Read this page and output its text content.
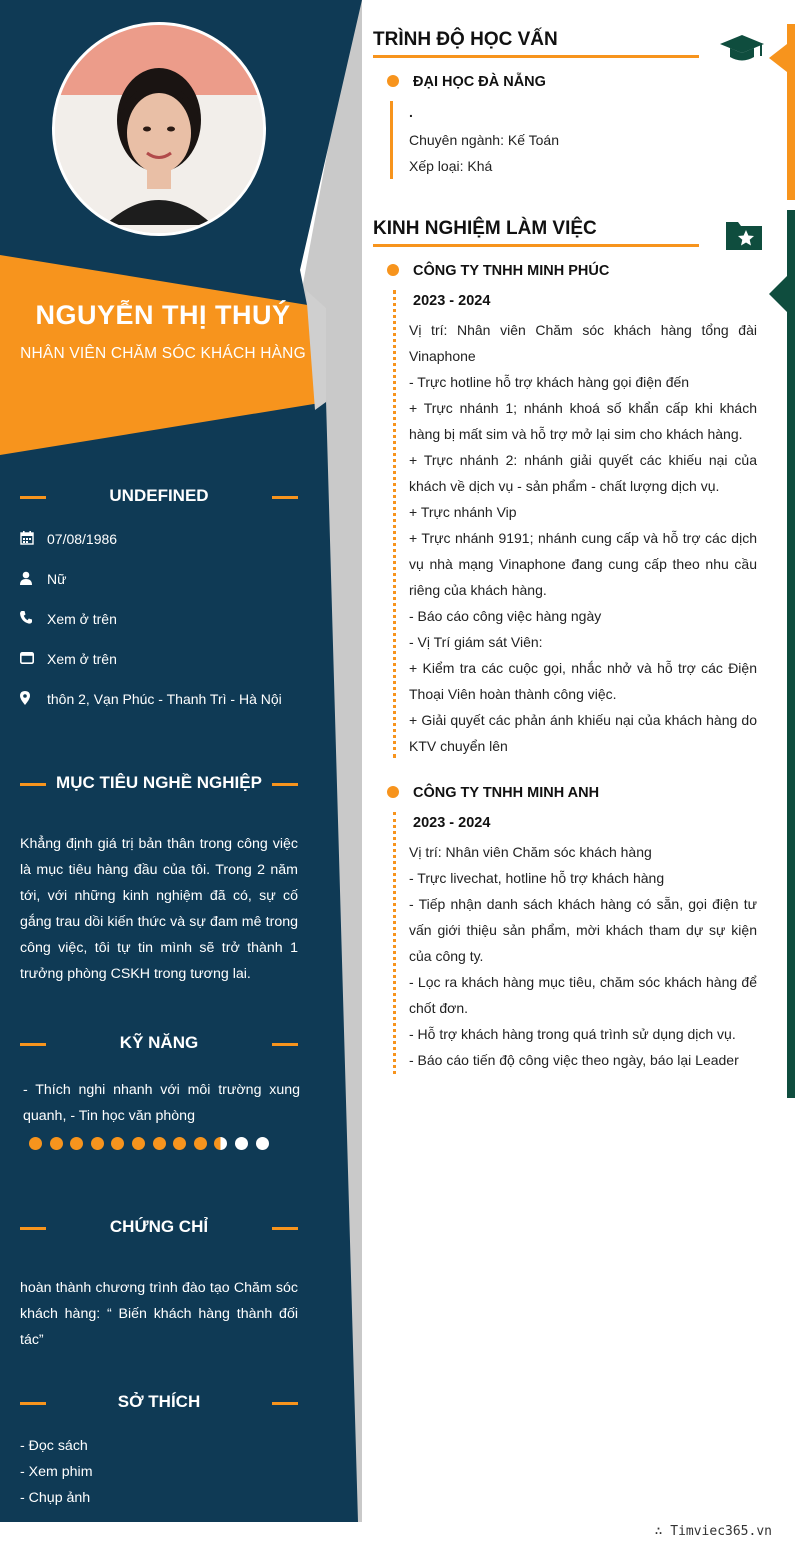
NGUYỄN THỊ THUÝ
NHÂN VIÊN CHĂM SÓC KHÁCH HÀNG
UNDEFINED
07/08/1986
Nữ
Xem ở trên
Xem ở trên
thôn 2, Vạn Phúc - Thanh Trì - Hà Nội
MỤC TIÊU NGHỀ NGHIỆP
Khẳng định giá trị bản thân trong công việc là mục tiêu hàng đầu của tôi. Trong 2 năm tới, với những kinh nghiệm đã có, sự cố gắng trau dồi kiến thức và sự đam mê trong công việc, tôi tự tin mình sẽ trở thành 1 trưởng phòng CSKH trong tương lai.
KỸ NĂNG
- Thích nghi nhanh với môi trường xung quanh, - Tin học văn phòng
CHỨNG CHỈ
hoàn thành chương trình đào tạo Chăm sóc khách hàng: “ Biến khách hàng thành đối tác”
SỞ THÍCH
- Đọc sách
- Xem phim
- Chụp ảnh
TRÌNH ĐỘ HỌC VẤN
ĐẠI HỌC ĐÀ NẴNG
.
Chuyên ngành: Kế Toán
Xếp loại: Khá
KINH NGHIỆM LÀM VIỆC
CÔNG TY TNHH MINH PHÚC
2023 - 2024
Vị trí: Nhân viên Chăm sóc khách hàng tổng đài Vinaphone
- Trực hotline hỗ trợ khách hàng gọi điện đến
+ Trực nhánh 1; nhánh khoá số khẩn cấp khi khách hàng bị mất sim và hỗ trợ mở lại sim cho khách hàng.
+ Trực nhánh 2: nhánh giải quyết các khiếu nại của khách về dịch vụ - sản phẩm - chất lượng dịch vụ.
+ Trực nhánh Vip
+ Trực nhánh 9191; nhánh cung cấp và hỗ trợ các dịch vụ nhà mạng Vinaphone đang cung cấp theo nhu cầu riêng của khách hàng.
- Báo cáo công việc hàng ngày
- Vị Trí giám sát Viên:
+ Kiểm tra các cuộc gọi, nhắc nhở và hỗ trợ các Điện Thoại Viên hoàn thành công việc.
+ Giải quyết các phản ánh khiếu nại của khách hàng do KTV chuyển lên
CÔNG TY TNHH MINH ANH
2023 - 2024
Vị trí: Nhân viên Chăm sóc khách hàng
- Trực livechat, hotline hỗ trợ khách hàng
- Tiếp nhận danh sách khách hàng có sẵn, gọi điện tư vấn giới thiệu sản phẩm, mời khách tham dự sự kiện của công ty.
- Lọc ra khách hàng mục tiêu, chăm sóc khách hàng để chốt đơn.
- Hỗ trợ khách hàng trong quá trình sử dụng dịch vụ.
- Báo cáo tiến độ công việc theo ngày, báo lại Leader
∴ Timviec365.vn
